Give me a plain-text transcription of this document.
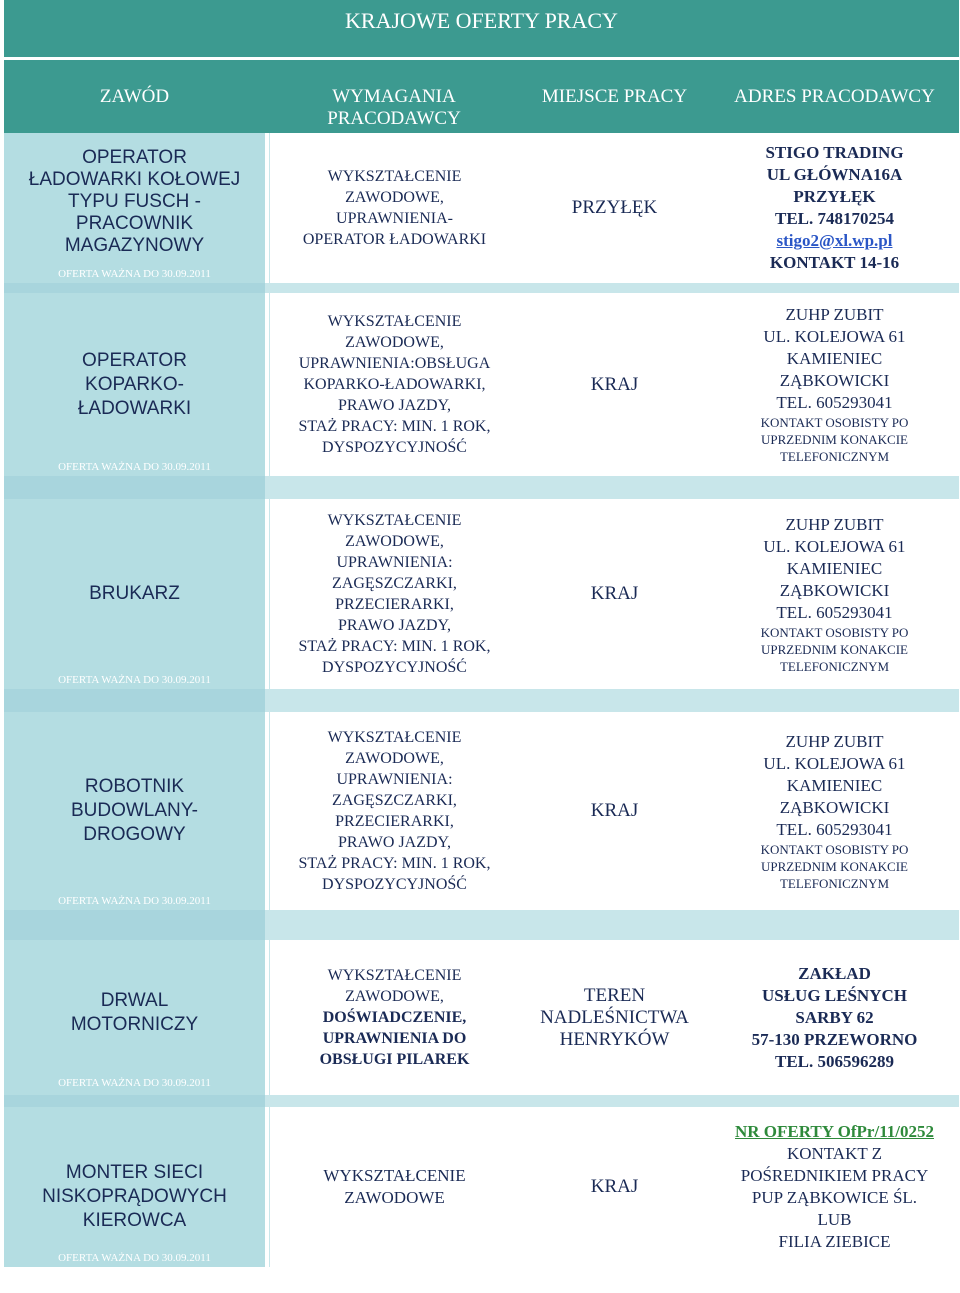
KRAJOWE OFERTY PRACY
ZAWÓD	WYMAGANIA
PRACODAWCY
MIEJSCE PRACY	ADRES PRACODAWCY
OPERATOR
ŁADOWARKI KOŁOWEJ
TYPU FUSCH -
PRACOWNIK
MAGAZYNOWY
OFERTA WAŻNA DO 30.09.2011
WYKSZTAŁCENIE
ZAWODOWE,
UPRAWNIENIA-
OPERATOR ŁADOWARKI
PRZYŁĘK
STIGO TRADING
UL GŁÓWNA16A
PRZYŁĘK
TEL. 748170254
stigo2@xl.wp.pl
KONTAKT 14-16
OPERATOR
KOPARKO-
ŁADOWARKI
OFERTA WAŻNA DO 30.09.2011
WYKSZTAŁCENIE
ZAWODOWE,
UPRAWNIENIA:OBSŁUGA
KOPARKO-ŁADOWARKI,
PRAWO JAZDY,
STAŻ PRACY: MIN. 1 ROK,
DYSPOZYCYJNOŚĆ
KRAJ
ZUHP ZUBIT
UL. KOLEJOWA 61
KAMIENIEC
ZĄBKOWICKI
TEL. 605293041
KONTAKT OSOBISTY PO
UPRZEDNIM KONAKCIE
TELEFONICZNYM
BRUKARZ
OFERTA WAŻNA DO 30.09.2011
WYKSZTAŁCENIE
ZAWODOWE,
UPRAWNIENIA:
ZAGĘSZCZARKI,
PRZECIERARKI,
PRAWO JAZDY,
STAŻ PRACY: MIN. 1 ROK,
DYSPOZYCYJNOŚĆ
KRAJ
ZUHP ZUBIT
UL. KOLEJOWA 61
KAMIENIEC
ZĄBKOWICKI
TEL. 605293041
KONTAKT OSOBISTY PO
UPRZEDNIM KONAKCIE
TELEFONICZNYM
ROBOTNIK
BUDOWLANY-
DROGOWY
OFERTA WAŻNA DO 30.09.2011
WYKSZTAŁCENIE
ZAWODOWE,
UPRAWNIENIA:
ZAGĘSZCZARKI,
PRZECIERARKI,
PRAWO JAZDY,
STAŻ PRACY: MIN. 1 ROK,
DYSPOZYCYJNOŚĆ
KRAJ
ZUHP ZUBIT
UL. KOLEJOWA 61
KAMIENIEC
ZĄBKOWICKI
TEL. 605293041
KONTAKT OSOBISTY PO
UPRZEDNIM KONAKCIE
TELEFONICZNYM
DRWAL
MOTORNICZY
OFERTA WAŻNA DO 30.09.2011
WYKSZTAŁCENIE
ZAWODOWE,
DOŚWIADCZENIE,
UPRAWNIENIA DO
OBSŁUGI PILAREK
TEREN
NADLEŚNICTWA
HENRYKÓW
ZAKŁAD
USŁUG LEŚNYCH
SARBY 62
57-130 PRZEWORNO
TEL. 506596289
MONTER SIECI
NISKOPRĄDOWYCH
KIEROWCA
OFERTA WAŻNA DO 30.09.2011
WYKSZTAŁCENIE
ZAWODOWE
KRAJ
NR OFERTY OfPr/11/0252
KONTAKT Z
POŚREDNIKIEM PRACY
PUP ZĄBKOWICE ŚL.
LUB
FILIA ZIEBICE
